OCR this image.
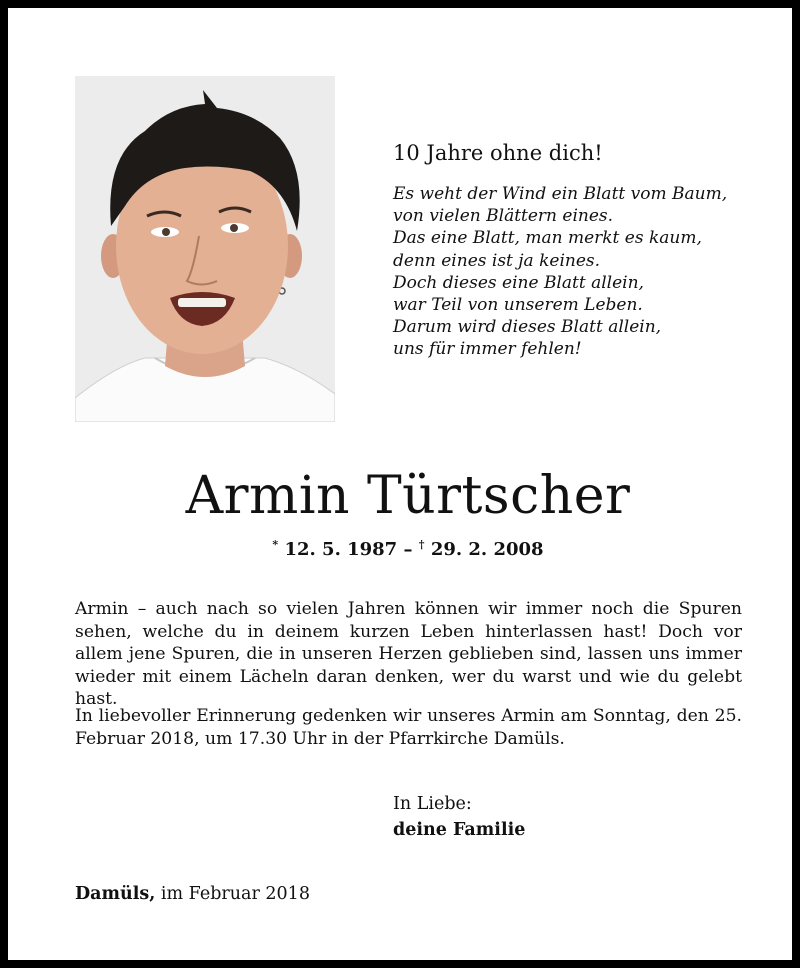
10 Jahre ohne dich!
Es weht der Wind ein Blatt vom Baum,
von vielen Blättern eines.
Das eine Blatt, man merkt es kaum,
denn eines ist ja keines.
Doch dieses eine Blatt allein,
war Teil von unserem Leben.
Darum wird dieses Blatt allein,
uns für immer fehlen!
Armin Türtscher
* 12. 5. 1987 – † 29. 2. 2008
Armin – auch nach so vielen Jahren können wir immer noch die Spuren sehen, welche du in deinem kurzen Leben hinterlassen hast! Doch vor allem jene Spuren, die in unseren Herzen geblieben sind, lassen uns immer wieder mit einem Lächeln daran denken, wer du warst und wie du gelebt hast.
In liebevoller Erinnerung gedenken wir unseres Armin am Sonntag, den 25. Februar 2018, um 17.30 Uhr in der Pfarrkirche Damüls.
In Liebe:
deine Familie
Damüls, im Februar 2018
